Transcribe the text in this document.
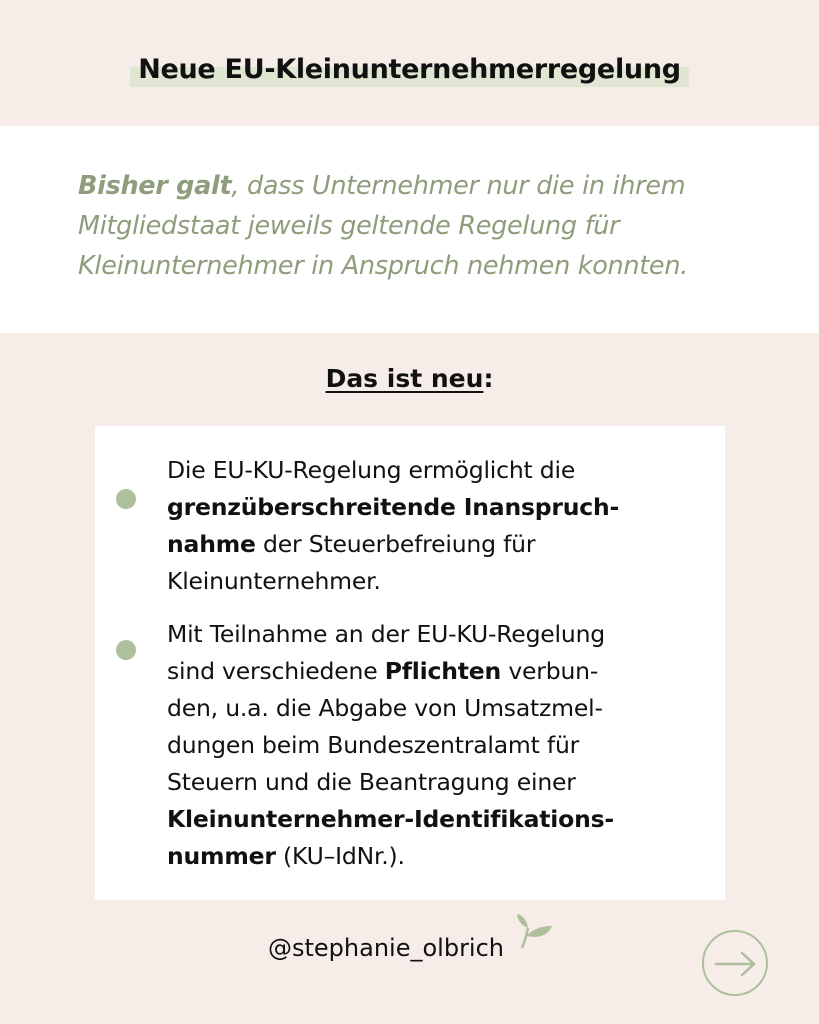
Neue EU-Kleinunternehmerregelung
Bisher galt, dass Unternehmer nur die in ihrem
Mitgliedstaat jeweils geltende Regelung für
Kleinunternehmer in Anspruch nehmen konnten.
Das ist neu:
Die EU-KU-Regelung ermöglicht die
grenzüberschreitende Inanspruch-
nahme der Steuerbefreiung für
Kleinunternehmer.
Mit Teilnahme an der EU-KU-Regelung
sind verschiedene Pflichten verbun-
den, u.a. die Abgabe von Umsatzmel-
dungen beim Bundeszentralamt für
Steuern und die Beantragung einer
Kleinunternehmer-Identifikations-
nummer (KU–IdNr.).
@stephanie_olbrich
